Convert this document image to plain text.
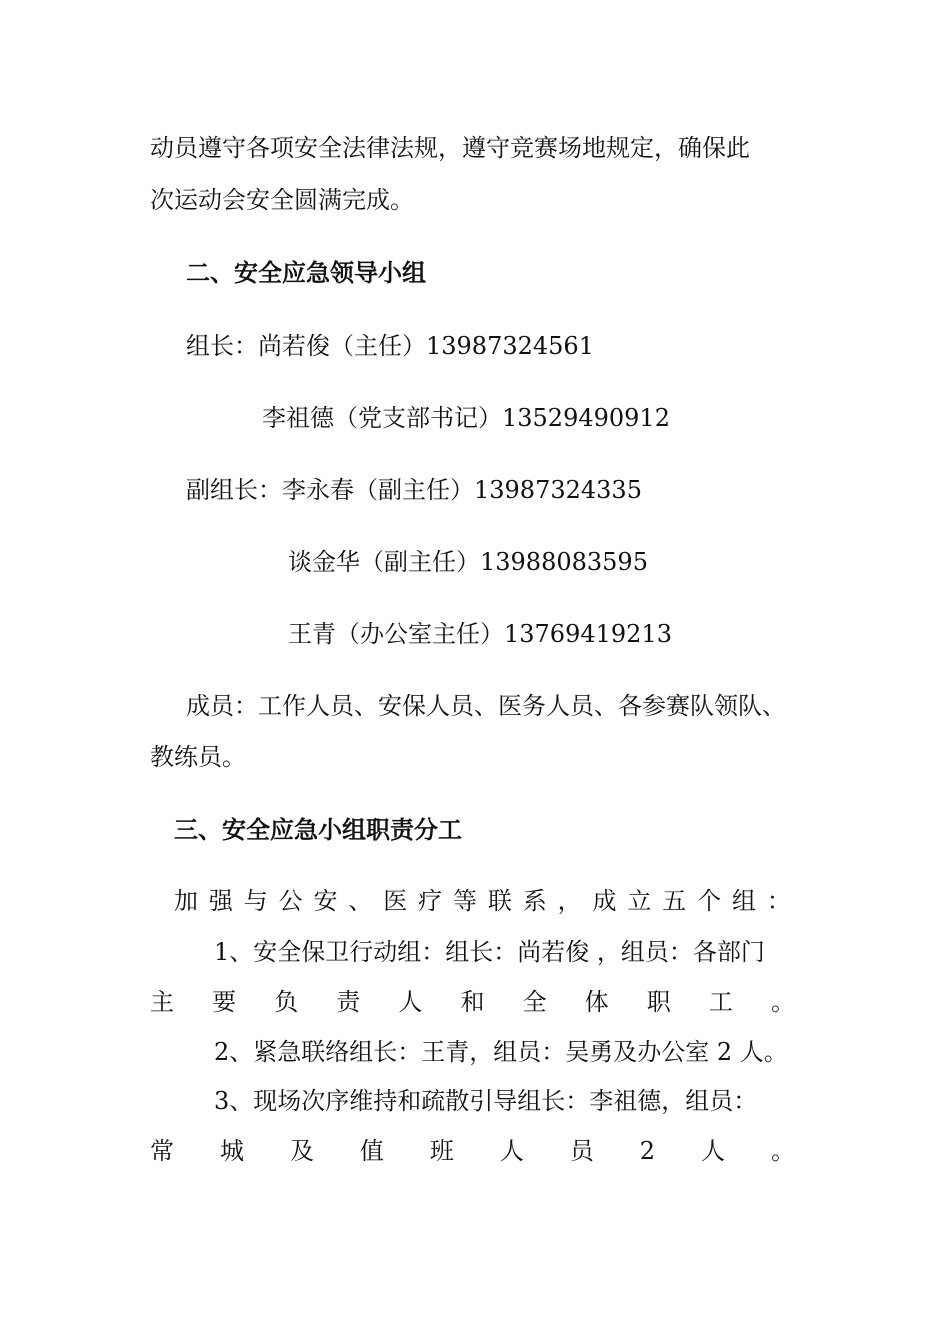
动员遵守各项安全法律法规，遵守竞赛场地规定，确保此
次运动会安全圆满完成。
二、安全应急领导小组
组长：尚若俊（主任）13987324561
李祖德（党支部书记）13529490912
副组长：李永春（副主任）13987324335
谈金华（副主任）13988083595
王青（办公室主任）13769419213
成员：工作人员、安保人员、医务人员、各参赛队领队、
教练员。
三、安全应急小组职责分工
加 强 与 公 安 、 医 疗 等 联 系 ， 成 立 五 个 组 ：
1、安全保卫行动组：组长：尚若俊 ，组员：各部门
主 要 负 责 人 和 全 体 职 工 。
2、紧急联络组长：王青，组员：吴勇及办公室 2 人。
3、现场次序维持和疏散引导组长：李祖德，组员：
常 城 及 值 班 人 员 2 人 。
